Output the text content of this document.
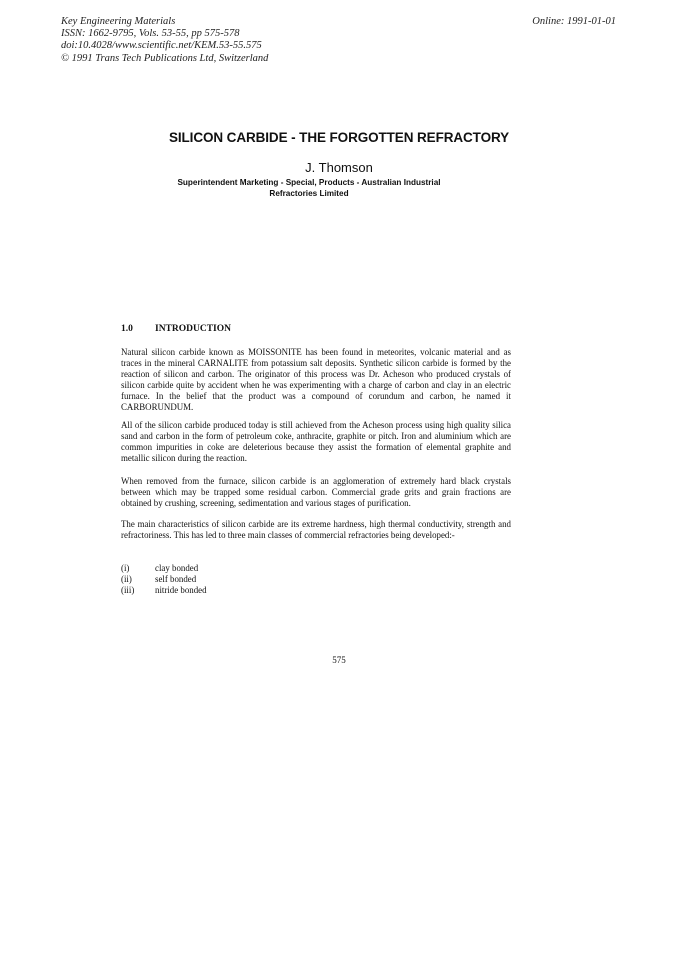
Key Engineering Materials
ISSN: 1662-9795, Vols. 53-55, pp 575-578
doi:10.4028/www.scientific.net/KEM.53-55.575
© 1991 Trans Tech Publications Ltd, Switzerland
Online: 1991-01-01
SILICON CARBIDE - THE FORGOTTEN REFRACTORY
J. Thomson
Superintendent Marketing - Special, Products - Australian Industrial
Refractories Limited
1.0	INTRODUCTION
Natural silicon carbide known as MOISSONITE has been found in meteorites, volcanic material and as traces in the mineral CARNALITE from potassium salt deposits. Synthetic silicon carbide is formed by the reaction of silicon and carbon. The originator of this process was Dr. Acheson who produced crystals of silicon carbide quite by accident when he was experimenting with a charge of carbon and clay in an electric furnace. In the belief that the product was a compound of corundum and carbon, he named it CARBORUNDUM.
All of the silicon carbide produced today is still achieved from the Acheson process using high quality silica sand and carbon in the form of petroleum coke, anthracite, graphite or pitch. Iron and aluminium which are common impurities in coke are deleterious because they assist the formation of elemental graphite and metallic silicon during the reaction.
When removed from the furnace, silicon carbide is an agglomeration of extremely hard black crystals between which may be trapped some residual carbon. Commercial grade grits and grain fractions are obtained by crushing, screening, sedimentation and various stages of purification.
The main characteristics of silicon carbide are its extreme hardness, high thermal conductivity, strength and refractoriness. This has led to three main classes of commercial refractories being developed:-
(i)	clay bonded
(ii)	self bonded
(iii)	nitride bonded
575
